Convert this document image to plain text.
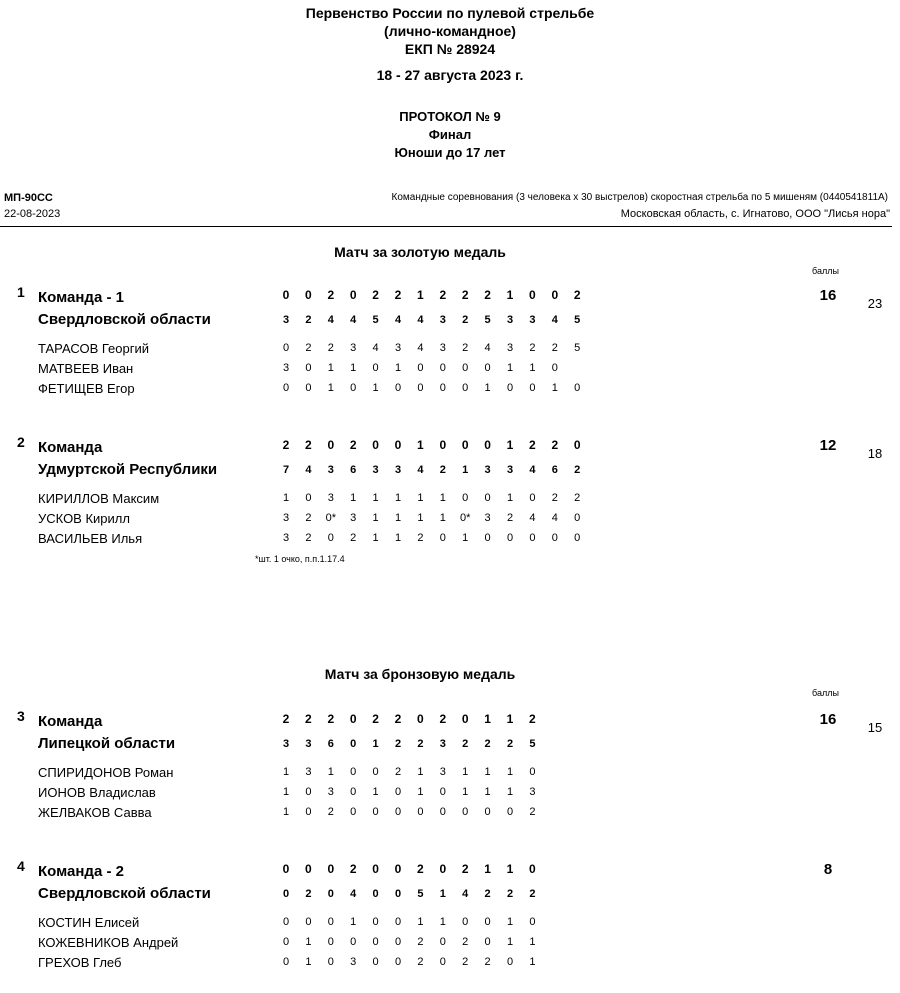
Первенство России по пулевой стрельбе
(лично-командное)
ЕКП № 28924
18 - 27 августа 2023 г.
ПРОТОКОЛ № 9
Финал
Юноши до 17 лет
МП-90СС
22-08-2023
Командные соревнования (3 человека x 30 выстрелов) скоростная стрельба по 5 мишеням (0440541811А)
Московская область, с. Игнатово, ООО "Лисья нора"
Матч за золотую медаль
баллы
1 Команда - 1
Свердловской области
0	0	2	0	2	2	1	2	2	2	1	0	0	2
3	2	4	4	5	4	4	3	2	5	3	3	4	5
16	23
ТАРАСОВ Георгий	0	2	2	3	4	3	4	3	2	4	3	2	2	5
МАТВЕЕВ Иван	3	0	1	1	0	1	0	0	0	0	1	1	0
ФЕТИЩЕВ Егор	0	0	1	0	1	0	0	0	0	1	0	0	1	0
2 Команда
Удмуртской Республики
2	2	0	2	0	0	1	0	0	0	1	2	2	0
7	4	3	6	3	3	4	2	1	3	3	4	6	2
12	18
КИРИЛЛОВ Максим	1	0	3	1	1	1	1	1	0	0	1	0	2	2
УСКОВ Кирилл	3	2	0*	3	1	1	1	1	0*	3	2	4	4	0
ВАСИЛЬЕВ Илья	3	2	0	2	1	1	2	0	1	0	0	0	0	0
*шт. 1 очко, п.п.1.17.4
Матч за бронзовую медаль
баллы
3 Команда
Липецкой области
2	2	2	0	2	2	0	2	0	1	1	2
3	3	6	0	1	2	2	3	2	2	2	5
16	15
СПИРИДОНОВ Роман	1	3	1	0	0	2	1	3	1	1	1	0
ИОНОВ Владислав	1	0	3	0	1	0	1	0	1	1	1	3
ЖЕЛВАКОВ Савва	1	0	2	0	0	0	0	0	0	0	0	2
4 Команда - 2
Свердловской области
0	0	0	2	0	0	2	0	2	1	1	0
0	2	0	4	0	0	5	1	4	2	2	2
8
КОСТИН Елисей	0	0	0	1	0	0	1	1	0	0	1	0
КОЖЕВНИКОВ Андрей	0	1	0	0	0	0	2	0	2	0	1	1
ГРЕХОВ Глеб	0	1	0	3	0	0	2	0	2	2	0	1
